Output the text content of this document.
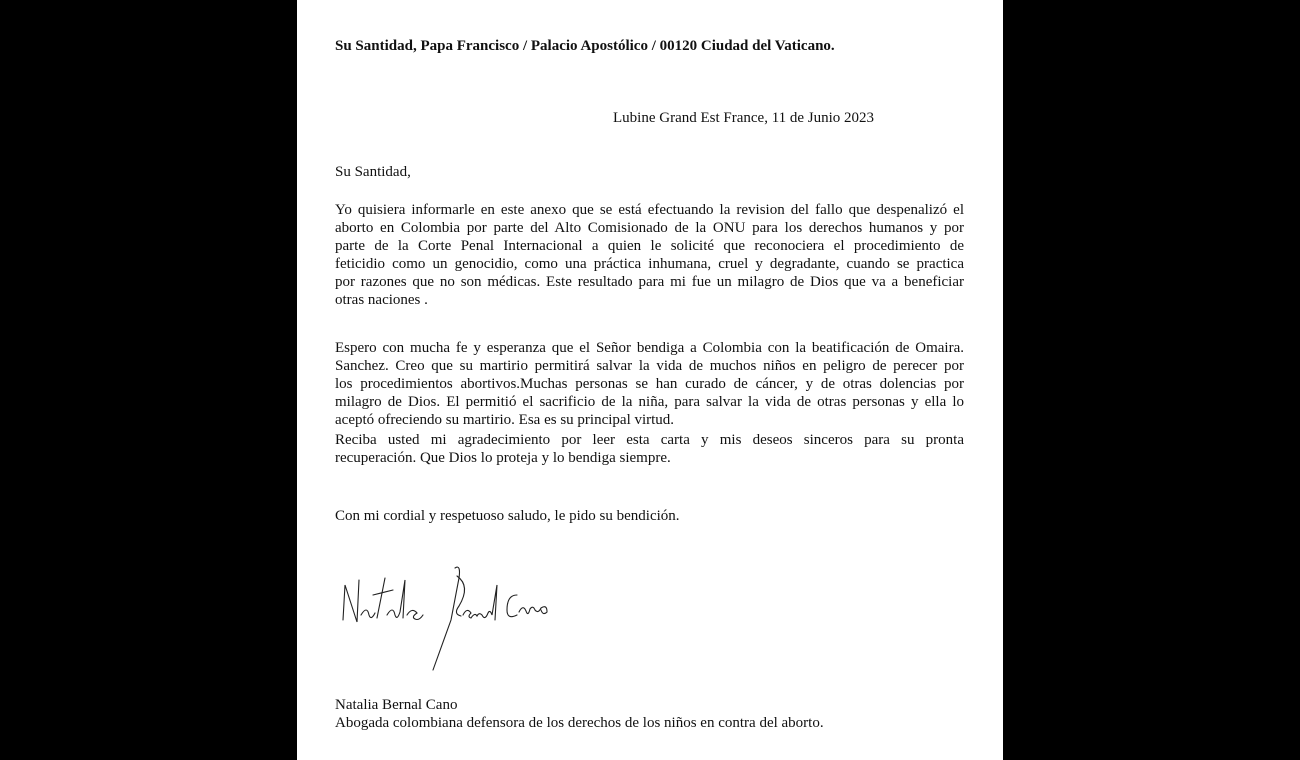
Su Santidad, Papa Francisco / Palacio Apostólico / 00120 Ciudad del Vaticano.
Lubine Grand Est France, 11 de Junio 2023
Su Santidad,
Yo quisiera informarle en este anexo que se está efectuando la revision del fallo que despenalizó el
aborto en Colombia por parte del Alto Comisionado de la ONU para los derechos humanos y por
parte de la Corte Penal Internacional a quien le solicité que reconociera el procedimiento de
feticidio como un genocidio, como una práctica inhumana, cruel y degradante, cuando se practica
por razones que no son médicas. Este resultado para mi fue un milagro de Dios que va a beneficiar
otras naciones .
Espero con mucha fe y esperanza que el Señor bendiga a Colombia con la beatificación de Omaira.
Sanchez. Creo que su martirio permitirá salvar la vida de muchos niños en peligro de perecer por
los procedimientos abortivos.Muchas personas se han curado de cáncer, y de otras dolencias por
milagro de Dios. El permitió el sacrificio de la niña, para salvar la vida de otras personas y ella lo
aceptó ofreciendo su martirio. Esa es su principal virtud.
Reciba usted mi agradecimiento por leer esta carta y mis deseos sinceros para su pronta
recuperación. Que Dios lo proteja y lo bendiga siempre.
Con mi cordial y respetuoso saludo, le pido su bendición.
Natalia Bernal Cano
Abogada colombiana defensora de los derechos de los niños en contra del aborto.
